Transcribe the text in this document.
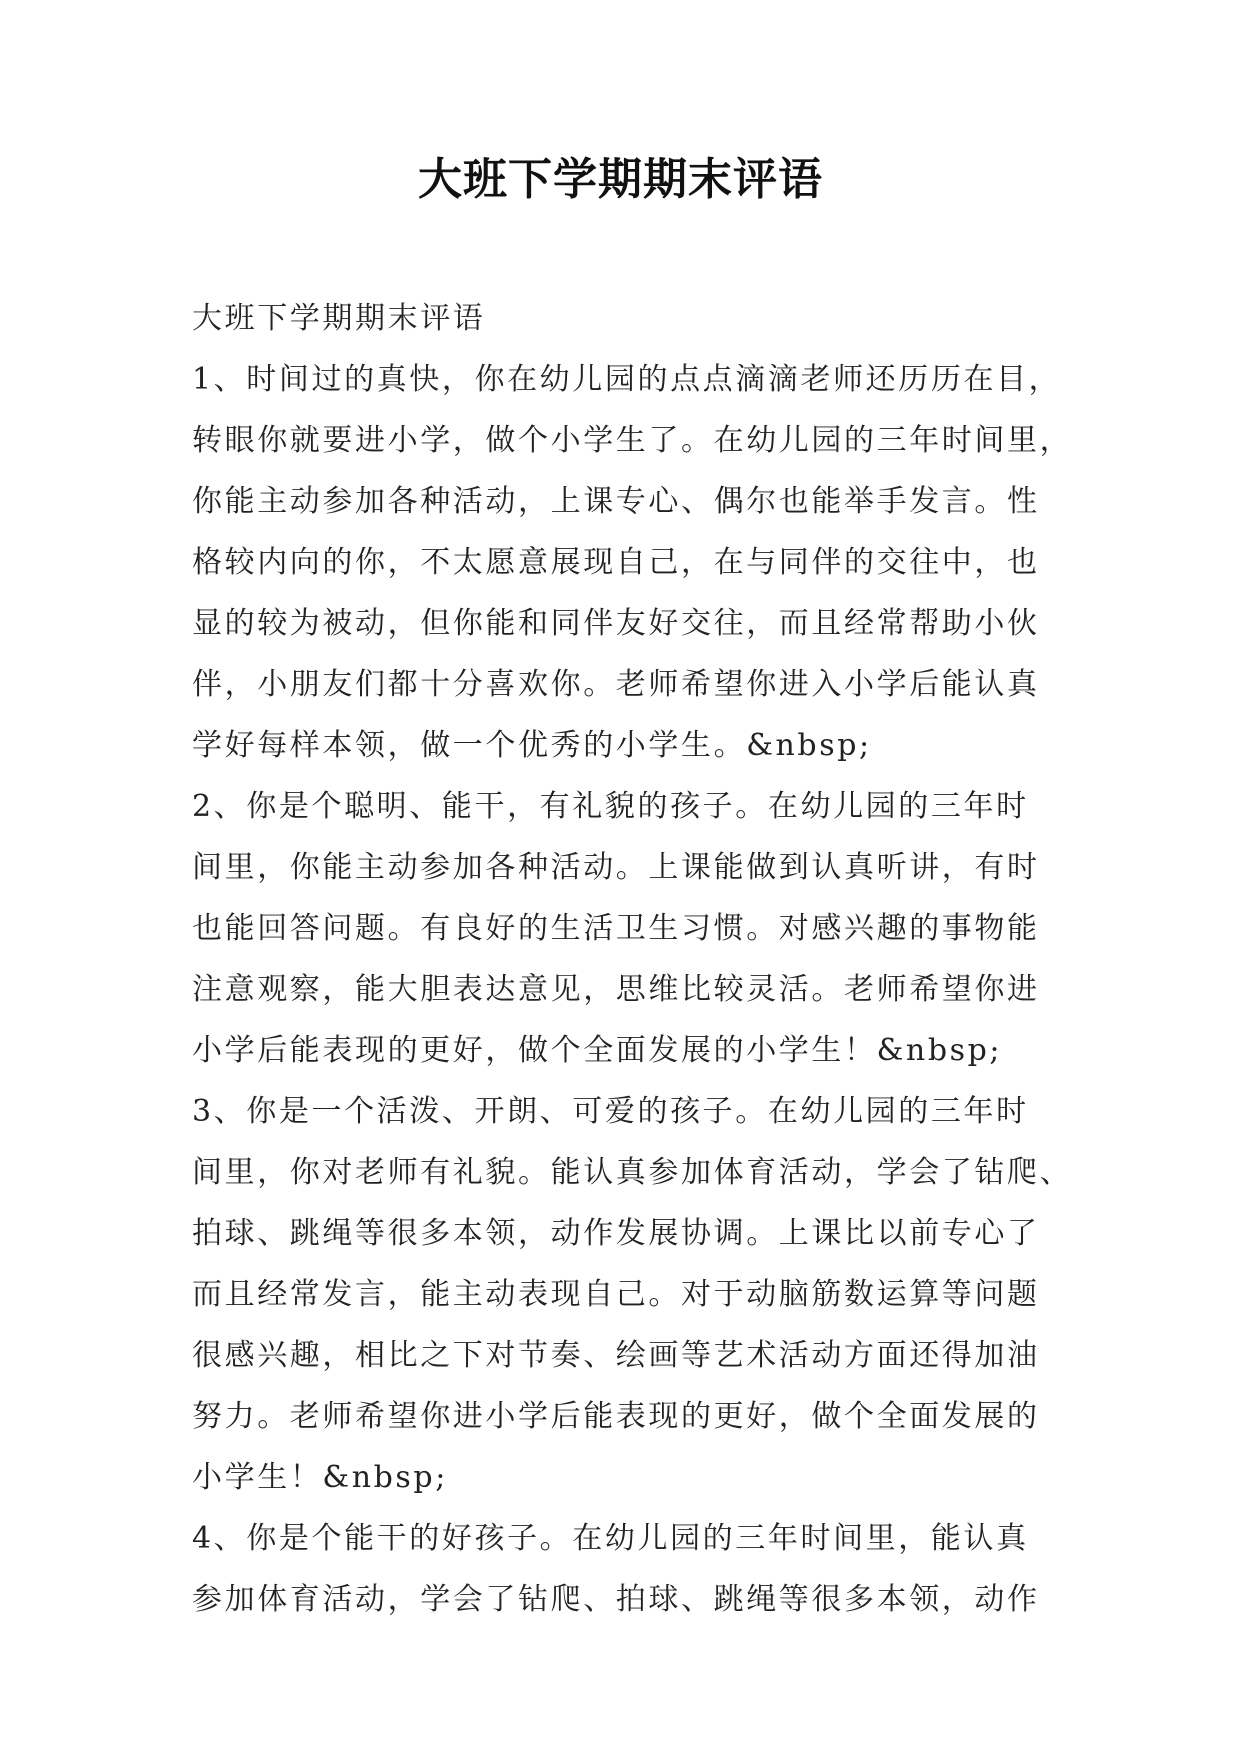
大班下学期期末评语
大班下学期期末评语
1、时间过的真快，你在幼儿园的点点滴滴老师还历历在目，
转眼你就要进小学，做个小学生了。在幼儿园的三年时间里，
你能主动参加各种活动，上课专心、偶尔也能举手发言。性
格较内向的你，不太愿意展现自己，在与同伴的交往中，也
显的较为被动，但你能和同伴友好交往，而且经常帮助小伙
伴，小朋友们都十分喜欢你。老师希望你进入小学后能认真
学好每样本领，做一个优秀的小学生。&nbsp;
2、你是个聪明、能干，有礼貌的孩子。在幼儿园的三年时
间里，你能主动参加各种活动。上课能做到认真听讲，有时
也能回答问题。有良好的生活卫生习惯。对感兴趣的事物能
注意观察，能大胆表达意见，思维比较灵活。老师希望你进
小学后能表现的更好，做个全面发展的小学生！&nbsp;
3、你是一个活泼、开朗、可爱的孩子。在幼儿园的三年时
间里，你对老师有礼貌。能认真参加体育活动，学会了钻爬、
拍球、跳绳等很多本领，动作发展协调。上课比以前专心了
而且经常发言，能主动表现自己。对于动脑筋数运算等问题
很感兴趣，相比之下对节奏、绘画等艺术活动方面还得加油
努力。老师希望你进小学后能表现的更好，做个全面发展的
小学生！&nbsp;
4、你是个能干的好孩子。在幼儿园的三年时间里，能认真
参加体育活动，学会了钻爬、拍球、跳绳等很多本领，动作
